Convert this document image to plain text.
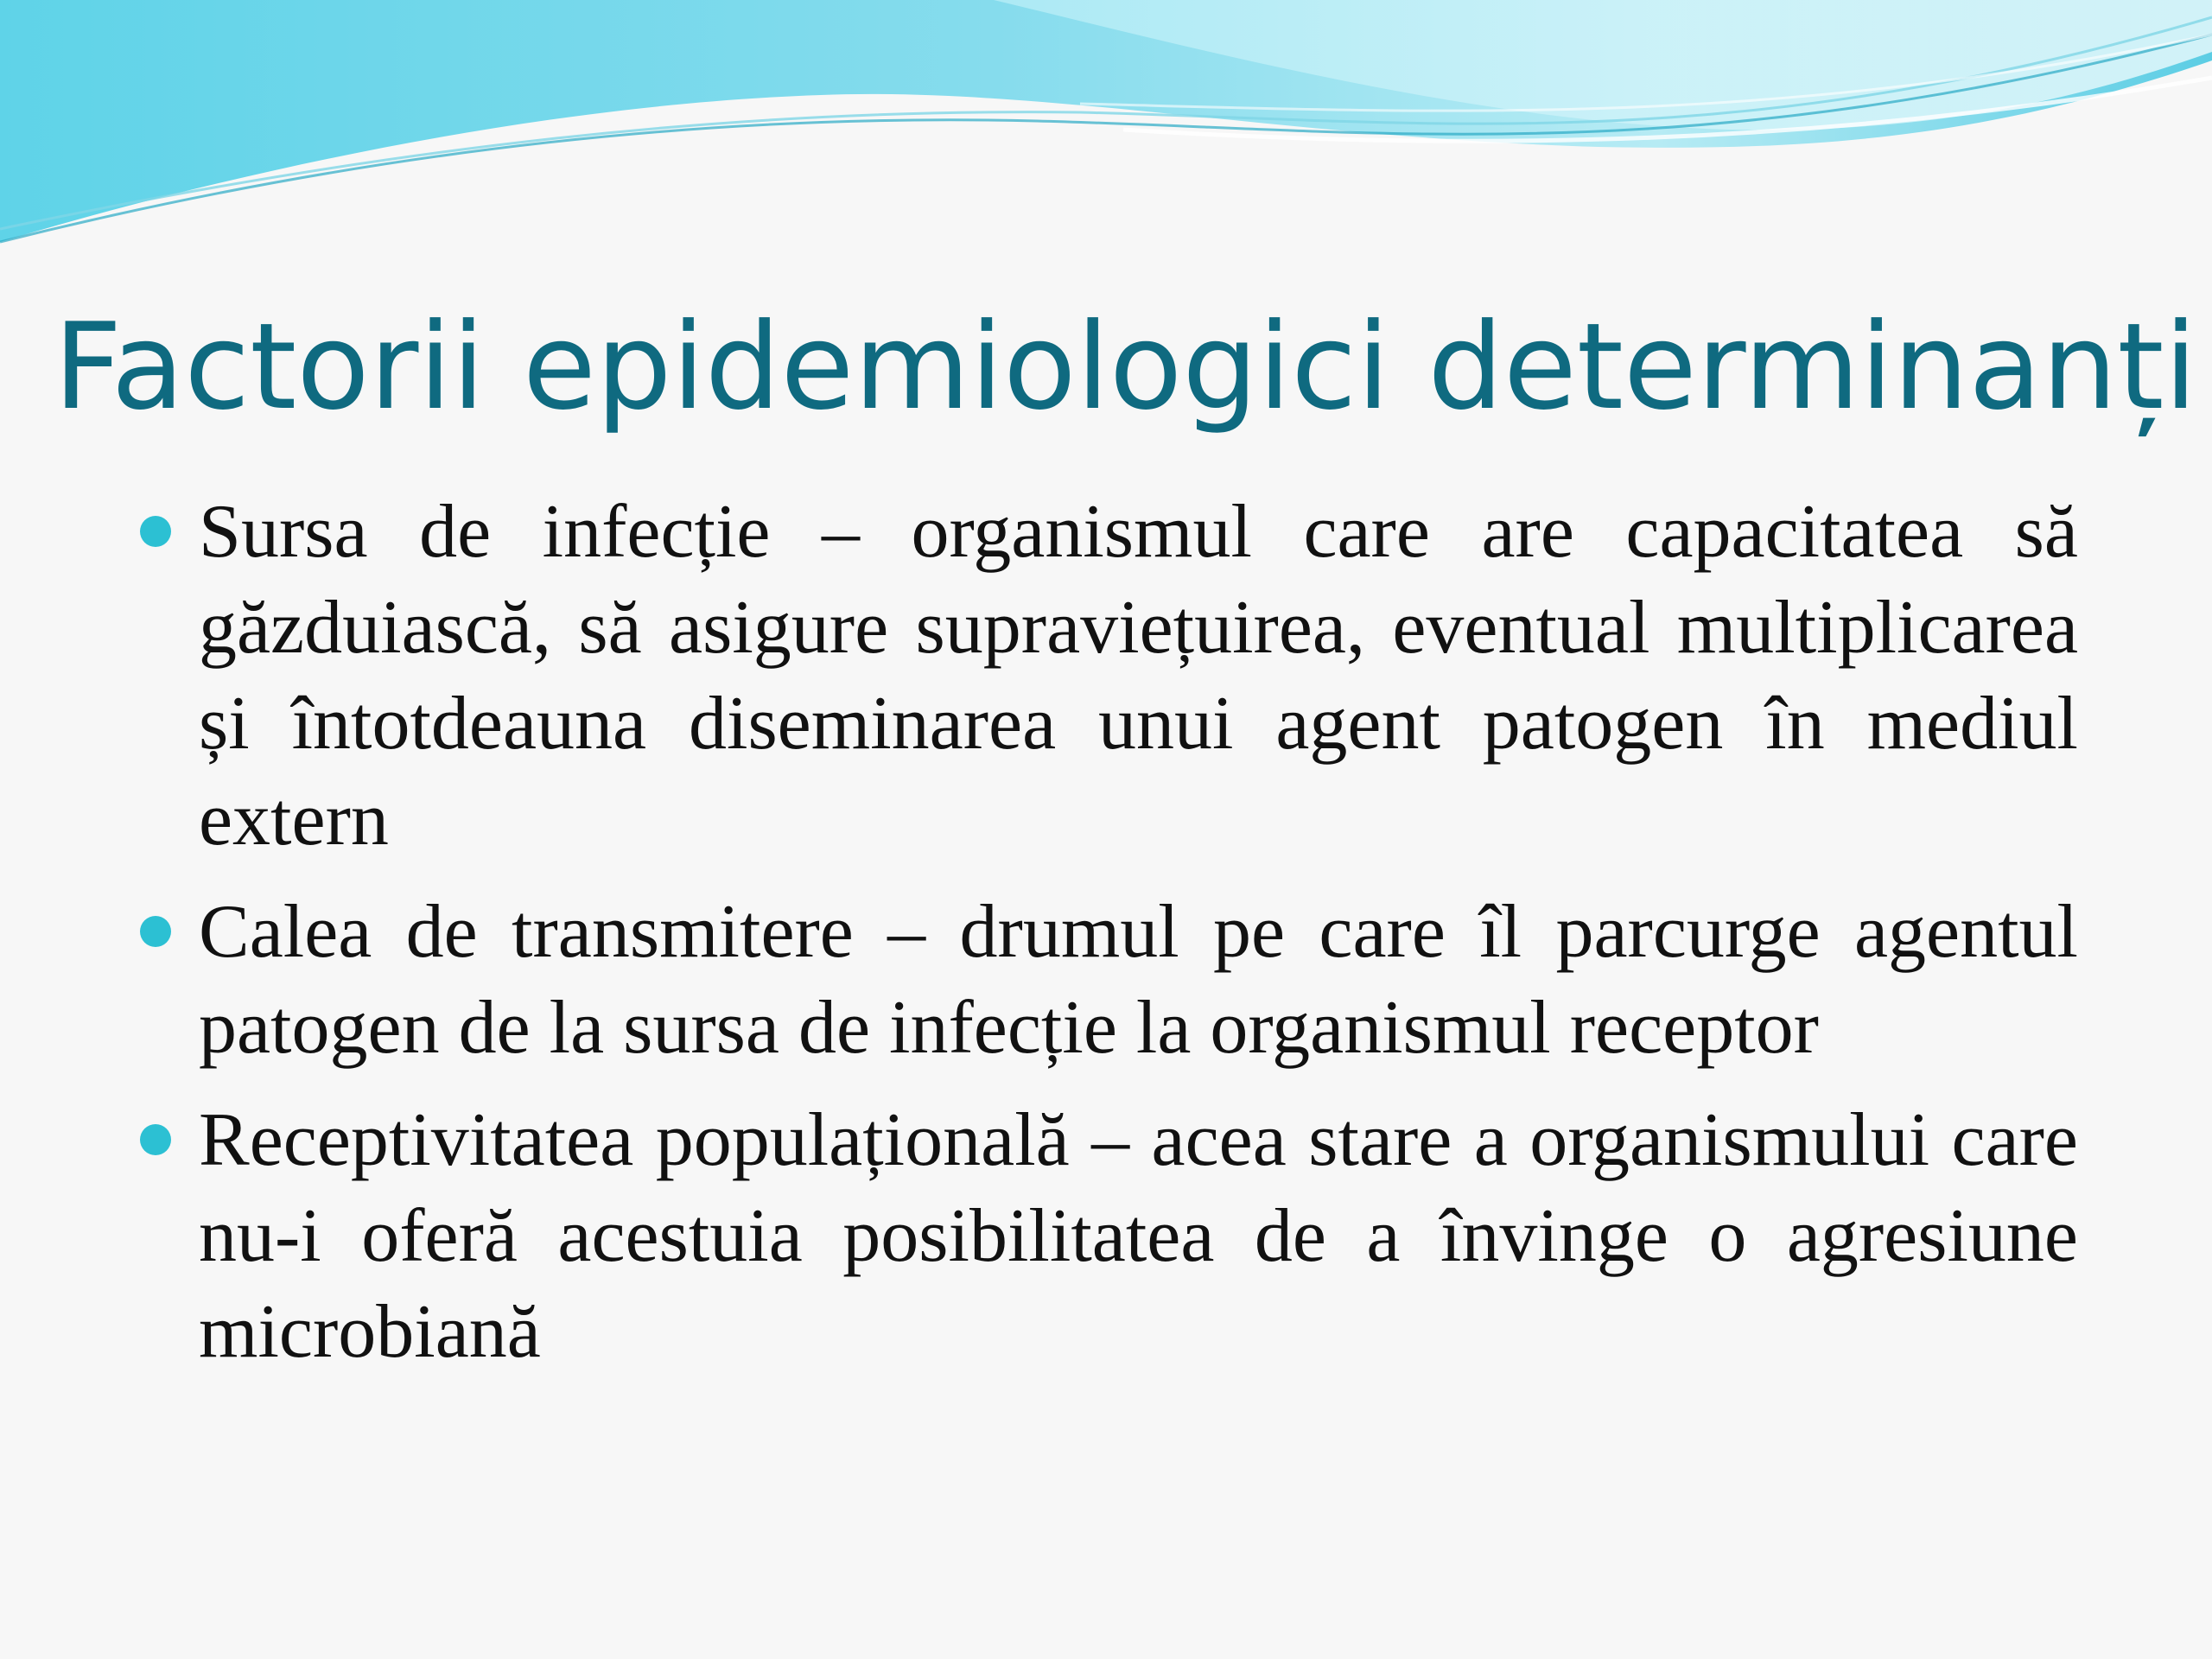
Factorii epidemiologici determinanți
Sursa de infecție – organismul care are capacitatea să găzduiască, să asigure supraviețuirea, eventual multiplicarea și întotdeauna diseminarea unui agent patogen în mediul extern
Calea de transmitere – drumul pe care îl parcurge agentul patogen de la sursa de infecție la organismul receptor
Receptivitatea populațională – acea stare a organismului care nu-i oferă acestuia posibilitatea de a învinge o agresiune microbiană
